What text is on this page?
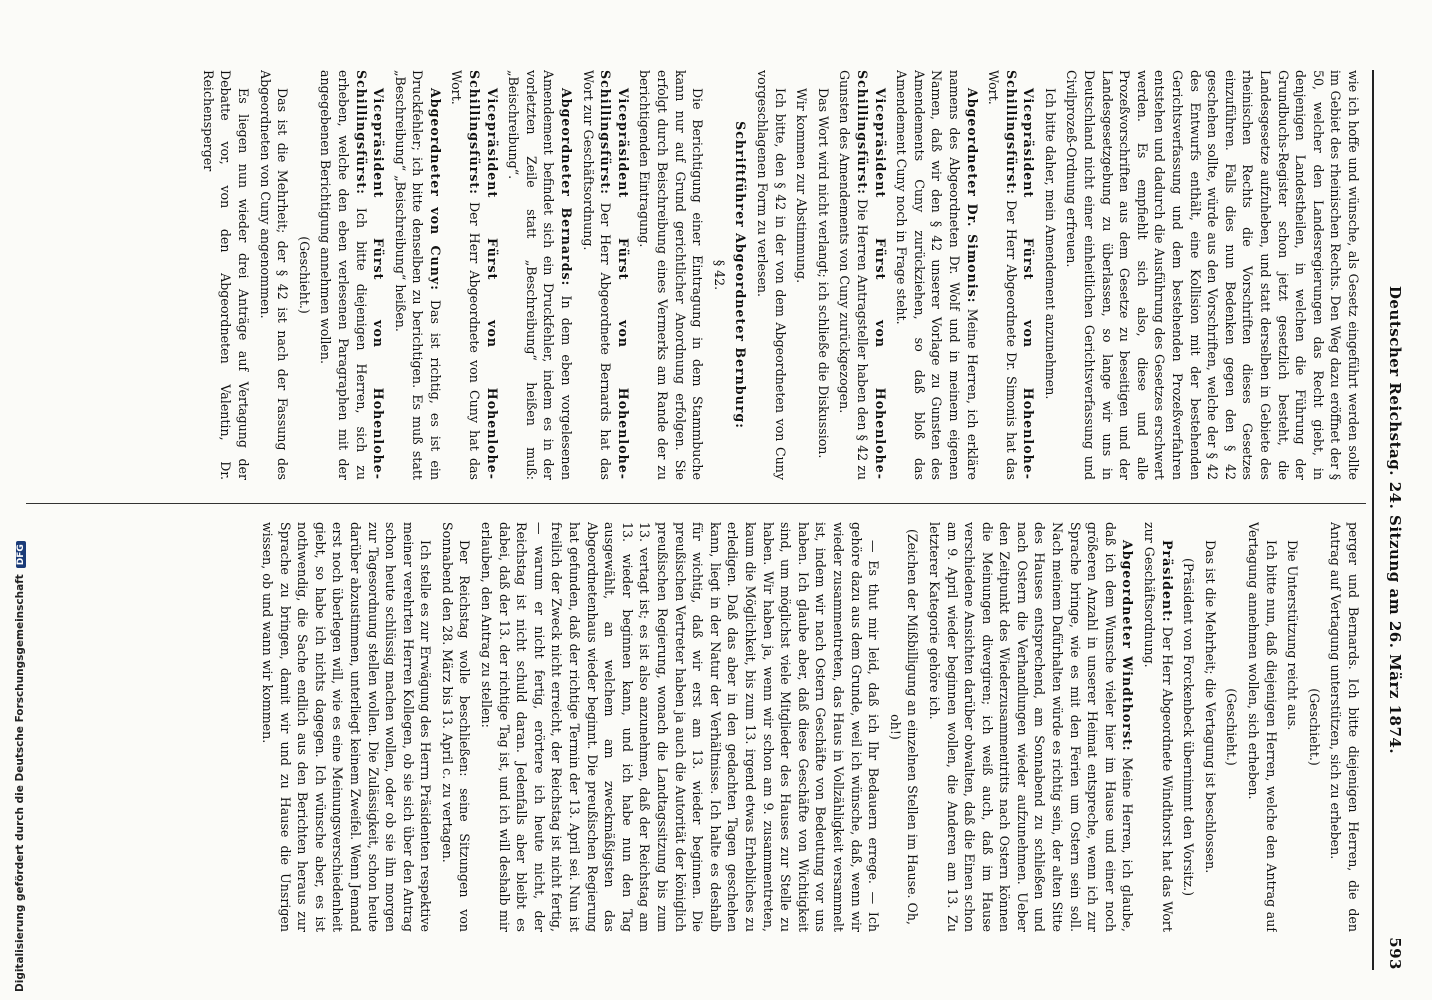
Deutscher Reichstag. 24. Sitzung am 26. März 1874.
593

wie ich hoffe und wünsche, als Gesetz eingeführt werden sollte im Gebiet des rheinischen Rechts. Den Weg dazu eröffnet der § 50, welcher den Landesregierungen das Recht giebt, in denjenigen Landestheilen, in welchen die Führung der Grundbuchs-Register schon jetzt gesetzlich besteht, die Landesgesetze aufzuheben, und statt derselben in Gebiete des rheinischen Rechts die Vorschriften dieses Gesetzes einzuführen. Falls dies nun Bedenken gegen den § 42 geschehen sollte, würde aus den Vorschriften, welche der § 42 des Entwurfs enthält, eine Kollision mit der bestehenden Gerichtsverfassung und dem bestehenden Prozeßverfahren entstehen und dadurch die Ausführung des Gesetzes erschwert werden. Es empfiehlt sich also, diese und alle Prozeßvorschriften aus dem Gesetze zu beseitigen und der Landesgesetzgebung zu überlassen, so lange wir uns in Deutschland nicht einer einheitlichen Gerichtsverfassung und Civilprozeß-Ordnung erfreuen.

Ich bitte daher, mein Amendement anzunehmen.

Vicepräsident Fürst von Hohenlohe-Schillingsfürst: Der Herr Abgeordnete Dr. Simonis hat das Wort.

Abgeordneter Dr. Simonis: Meine Herren, ich erkläre namens des Abgeordneten Dr. Wolf und in meinem eigenen Namen, daß wir den § 42 unserer Vorlage zu Gunsten des Amendements Cuny zurückziehen, so daß bloß das Amendement Cuny noch in Frage steht.

Vicepräsident Fürst von Hohenlohe-Schillingsfürst: Die Herren Antragsteller haben den § 42 zu Gunsten des Amendements von Cuny zurückgezogen.

Das Wort wird nicht verlangt; ich schließe die Diskussion.

Wir kommen zur Abstimmung.

Ich bitte, den § 42 in der von dem Abgeordneten von Cuny vorgeschlagenen Form zu verlesen.

Schriftführer Abgeordneter Bernburg:

§ 42.

Die Berichtigung einer Eintragung in dem Stammbuche kann nur auf Grund gerichtlicher Anordnung erfolgen. Sie erfolgt durch Beischreibung eines Vermerks am Rande der zu berichtigenden Eintragung.

Vicepräsident Fürst von Hohenlohe-Schillingsfürst: Der Herr Abgeordnete Bernards hat das Wort zur Geschäftsordnung.

Abgeordneter Bernards: In dem eben vorgelesenen Amendement befindet sich ein Druckfehler, indem es in der vorletzten Zeile statt „Beschreibung“ heißen muß: „Beischreibung“.

Vicepräsident Fürst von Hohenlohe-Schillingsfürst: Der Herr Abgeordnete von Cuny hat das Wort.

Abgeordneter von Cuny: Das ist richtig, es ist ein Druckfehler; ich bitte denselben zu berichtigen. Es muß statt „Beschreibung“ „Beischreibung“ heißen.

Vicepräsident Fürst von Hohenlohe-Schillingsfürst: Ich bitte diejenigen Herren, sich zu erheben, welche den eben verlesenen Paragraphen mit der angegebenen Berichtigung annehmen wollen.

(Geschieht.)

Das ist die Mehrheit; der § 42 ist nach der Fassung des Abgeordneten von Cuny angenommen.

Es liegen nun wieder drei Anträge auf Vertagung der Debatte vor, von den Abgeordneten Valentin, Dr. Reichensperger

perger und Bernards. Ich bitte diejenigen Herren, die den Antrag auf Vertagung unterstützen, sich zu erheben.

(Geschieht.)

Die Unterstützung reicht aus.

Ich bitte nun, daß diejenigen Herren, welche den Antrag auf Vertagung annehmen wollen, sich erheben.

(Geschieht.)

Das ist die Mehrheit; die Vertagung ist beschlossen.

(Präsident von Forckenbeck übernimmt den Vorsitz.)

Präsident: Der Herr Abgeordnete Windthorst hat das Wort zur Geschäftsordnung.

Abgeordneter Windthorst: Meine Herren, ich glaube, daß ich dem Wunsche vieler hier im Hause und einer noch größeren Anzahl in unserer Heimat entspreche, wenn ich zur Sprache bringe, wie es mit den Ferien um Ostern sein soll. Nach meinem Dafürhalten würde es richtig sein, der alten Sitte des Hauses entsprechend, am Sonnabend zu schließen und nach Ostern die Verhandlungen wieder aufzunehmen. Ueber den Zeitpunkt des Wiederzusammentritts nach Ostern können die Meinungen divergiren; ich weiß auch, daß im Hause verschiedene Ansichten darüber obwalten, daß die Einen schon am 9. April wieder beginnen wollen, die Anderen am 13. Zu letzterer Kategorie gehöre ich.

(Zeichen der Mißbilligung an einzelnen Stellen im Hause. Oh, oh!)

— Es thut mir leid, daß ich Ihr Bedauern errege. — Ich gehöre dazu aus dem Grunde, weil ich wünsche, daß, wenn wir wieder zusammentreten, das Haus in Vollzähligkeit versammelt ist, indem wir nach Ostern Geschäfte von Bedeutung vor uns haben. Ich glaube aber, daß diese Geschäfte von Wichtigkeit sind, um möglichst viele Mitglieder des Hauses zur Stelle zu haben. Wir haben ja, wenn wir schon am 9. zusammentreten, kaum die Möglichkeit, bis zum 13. irgend etwas Erhebliches zu erledigen. Daß das aber in den gedachten Tagen geschehen kann, liegt in der Natur der Verhältnisse. Ich halte es deshalb für wichtig, daß wir erst am 13. wieder beginnen. Die preußischen Vertreter haben ja auch die Autorität der königlich preußischen Regierung, wonach die Landtagssitzung bis zum 13. vertagt ist; es ist also anzunehmen, daß der Reichstag am 13. wieder beginnen kann, und ich habe nun den Tag ausgewählt, an welchem am zweckmäßigsten das Abgeordnetenhaus wieder beginnt. Die preußischen Regierung hat gefunden, daß der richtige Termin der 13. April sei. Nun ist freilich der Zweck nicht erreicht, der Reichstag ist nicht fertig, — warum er nicht fertig, erörtere ich heute nicht, der Reichstag ist nicht schuld daran. Jedenfalls aber bleibt es dabei, daß der 13. der richtige Tag ist, und ich will deshalb mir erlauben, den Antrag zu stellen:

Der Reichstag wolle beschließen: seine Sitzungen von Sonnabend den 28. März bis 13. April c. zu vertagen.

Ich stelle es zur Erwägung des Herrn Präsidenten respektive meiner verehrten Herren Kollegen, ob sie sich über den Antrag schon heute schlüssig machen wollen, oder ob sie ihn morgen zur Tagesordnung stellen wollen. Die Zulässigkeit, schon heute darüber abzustimmen, unterliegt keinem Zweifel. Wenn Jemand erst noch überlegen will, wie es eine Meinungsverschiedenheit giebt, so habe ich nichts dagegen. Ich wünsche aber, es ist nothwendig, die Sache endlich aus den Berichten heraus zur Sprache zu bringen, damit wir und zu Hause die Unsrigen wissen, ob und wann wir kommen.

Digitalisierung gefördert durch die Deutsche ForschungsgemeinschaftDFG
